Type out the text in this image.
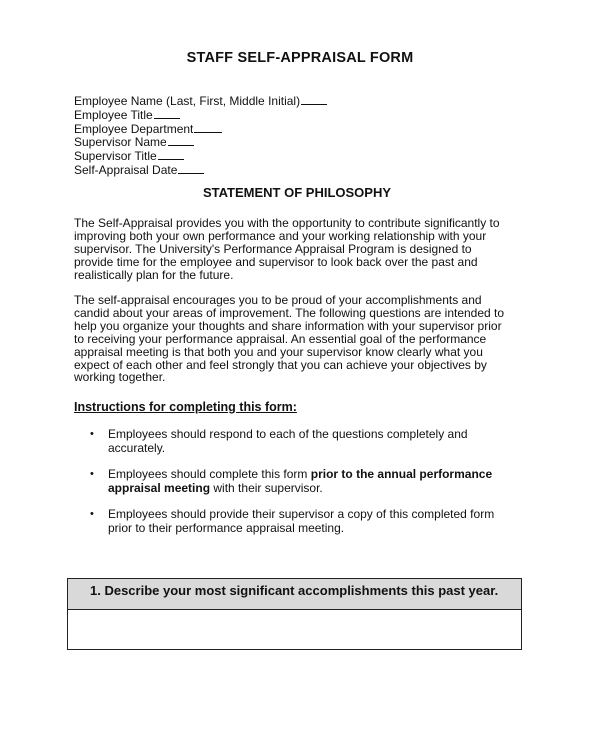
STAFF SELF-APPRAISAL FORM
Employee Name (Last, First, Middle Initial)
Employee Title
Employee Department
Supervisor Name
Supervisor Title
Self-Appraisal Date
STATEMENT OF PHILOSOPHY

The Self-Appraisal provides you with the opportunity to contribute significantly to improving both your own performance and your working relationship with your supervisor. The University's Performance Appraisal Program is designed to provide time for the employee and supervisor to look back over the past and realistically plan for the future.

The self-appraisal encourages you to be proud of your accomplishments and candid about your areas of improvement. The following questions are intended to help you organize your thoughts and share information with your supervisor prior to receiving your performance appraisal. An essential goal of the performance appraisal meeting is that both you and your supervisor know clearly what you expect of each other and feel strongly that you can achieve your objectives by working together.

Instructions for completing this form:
• Employees should respond to each of the questions completely and accurately.
• Employees should complete this form prior to the annual performance appraisal meeting with their supervisor.
• Employees should provide their supervisor a copy of this completed form prior to their performance appraisal meeting.
1. Describe your most significant accomplishments this past year.
